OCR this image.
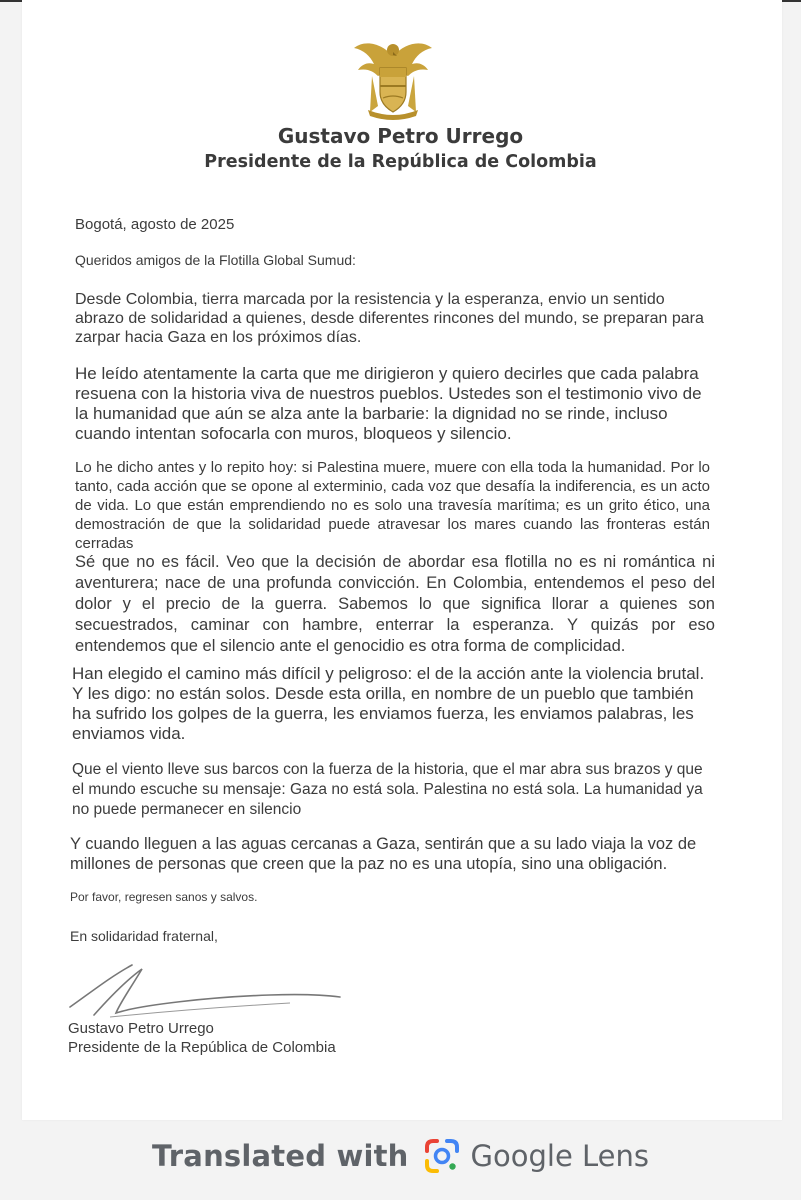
Gustavo Petro Urrego
Presidente de la República de Colombia

Bogotá, agosto de 2025

Queridos amigos de la Flotilla Global Sumud:

Desde Colombia, tierra marcada por la resistencia y la esperanza, envio un sentido abrazo de solidaridad a quienes, desde diferentes rincones del mundo, se preparan para zarpar hacia Gaza en los próximos días.

He leído atentamente la carta que me dirigieron y quiero decirles que cada palabra resuena con la historia viva de nuestros pueblos. Ustedes son el testimonio vivo de la humanidad que aún se alza ante la barbarie: la dignidad no se rinde, incluso cuando intentan sofocarla con muros, bloqueos y silencio.

Lo he dicho antes y lo repito hoy: si Palestina muere, muere con ella toda la humanidad. Por lo tanto, cada acción que se opone al exterminio, cada voz que desafía la indiferencia, es un acto de vida. Lo que están emprendiendo no es solo una travesía marítima; es un grito ético, una demostración de que la solidaridad puede atravesar los mares cuando las fronteras están cerradas

Sé que no es fácil. Veo que la decisión de abordar esa flotilla no es ni romántica ni aventurera; nace de una profunda convicción. En Colombia, entendemos el peso del dolor y el precio de la guerra. Sabemos lo que significa llorar a quienes son secuestrados, caminar con hambre, enterrar la esperanza. Y quizás por eso entendemos que el silencio ante el genocidio es otra forma de complicidad.

Han elegido el camino más difícil y peligroso: el de la acción ante la violencia brutal. Y les digo: no están solos. Desde esta orilla, en nombre de un pueblo que también ha sufrido los golpes de la guerra, les enviamos fuerza, les enviamos palabras, les enviamos vida.

Que el viento lleve sus barcos con la fuerza de la historia, que el mar abra sus brazos y que el mundo escuche su mensaje: Gaza no está sola. Palestina no está sola. La humanidad ya no puede permanecer en silencio

Y cuando lleguen a las aguas cercanas a Gaza, sentirán que a su lado viaja la voz de millones de personas que creen que la paz no es una utopía, sino una obligación.

Por favor, regresen sanos y salvos.

En solidaridad fraternal,

Gustavo Petro Urrego

Presidente de la República de Colombia

Translated with Google Lens
